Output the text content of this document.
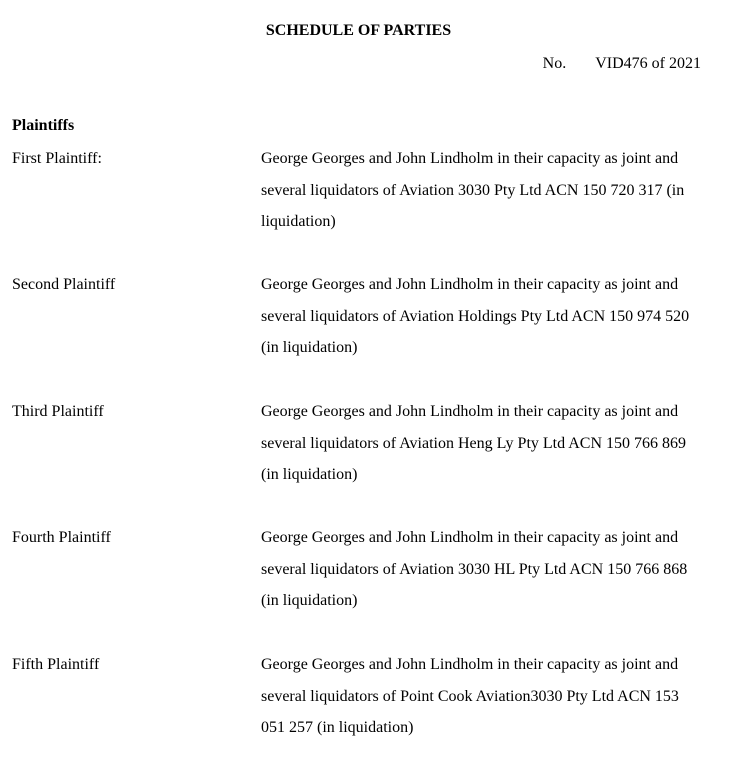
SCHEDULE OF PARTIES
No. VID476 of 2021
Plaintiffs
First Plaintiff:	George Georges and John Lindholm in their capacity as joint and several liquidators of Aviation 3030 Pty Ltd ACN 150 720 317 (in liquidation)
Second Plaintiff	George Georges and John Lindholm in their capacity as joint and several liquidators of Aviation Holdings Pty Ltd ACN 150 974 520 (in liquidation)
Third Plaintiff	George Georges and John Lindholm in their capacity as joint and several liquidators of Aviation Heng Ly Pty Ltd ACN 150 766 869 (in liquidation)
Fourth Plaintiff	George Georges and John Lindholm in their capacity as joint and several liquidators of Aviation 3030 HL Pty Ltd ACN 150 766 868 (in liquidation)
Fifth Plaintiff	George Georges and John Lindholm in their capacity as joint and several liquidators of Point Cook Aviation3030 Pty Ltd ACN 153 051 257 (in liquidation)
